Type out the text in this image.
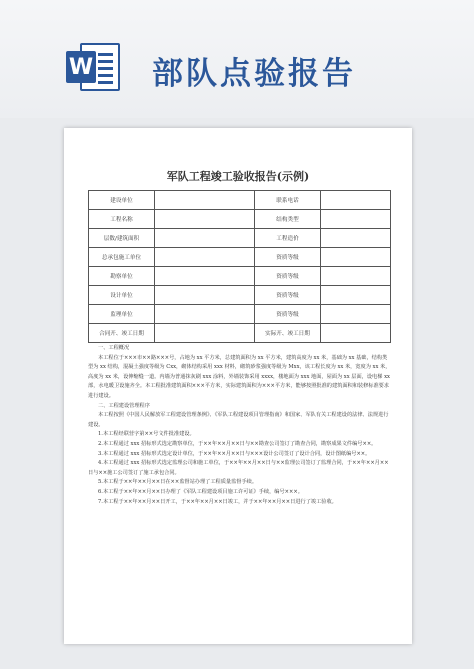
W 部队点验报告
军队工程竣工验收报告(示例)
建设单位		联系电话	
工程名称		结构类型	
层数/建筑面积		工程造价	
总承包施工单位		资质等级	
勘察单位		资质等级	
设计单位		资质等级	
监理单位		资质等级	
合同开、竣工日期		实际开、竣工日期	

一、工程概况

本工程位于×××市××路×××号，占地为 xx 平方米，总建筑面积为 xx 平方米，建筑高度为 xx 米，基础为 xx 基础，结构类型为 xx 结构，混凝土强度等级为 Cxx，砌体结构采用 xxx 材料，砌筑砂浆强度等级为 Mxx，该工程长度为 xx 米，宽度为 xx 米，高度为 xx 米，设伸缩缝一道。内墙为普通抹灰刷 xxx 涂料，外墙装饰采用 xxxx，楼地面为 xxx 地面，屋面为 xx 层面，设电梯 xx 部，水电暖卫设施齐全。本工程批准建筑面积×××平方米，实际建筑面积为×××平方米，能够按照批准的建筑面积和装修标准要求进行建设。

二、工程建设管理程序

本工程按照《中国人民解放军工程建设管理条例》、《军队工程建设项目管理指南》和国家、军队有关工程建设的法律、法规进行建设。

1.本工程经联营字第××号文件批准建设。

2.本工程通过 xxx 招标形式选定勘察单位，于××年××月××日与××勘查公司签订了勘查合同，勘察成果文件编号××。

3.本工程通过 xxx 招标形式选定设计单位，于××年××月××日与×××设计公司签订了设计合同，设计图纸编号××。

4.本工程通过 xxx 招标形式选定监理公司和施工单位，于××年××月××日与××监理公司签订了监理合同，于××年××月××日与××施工公司签订了施工承包合同。

5.本工程于××年××月××日在××监督站办理了工程质量监督手续。

6.本工程于××年××月××日办理了《军队工程建设项目施工许可证》手续，编号×××。

7.本工程于××年××月××日开工，于××年××月××日竣工，并于××年××月××日进行了竣工验收。
